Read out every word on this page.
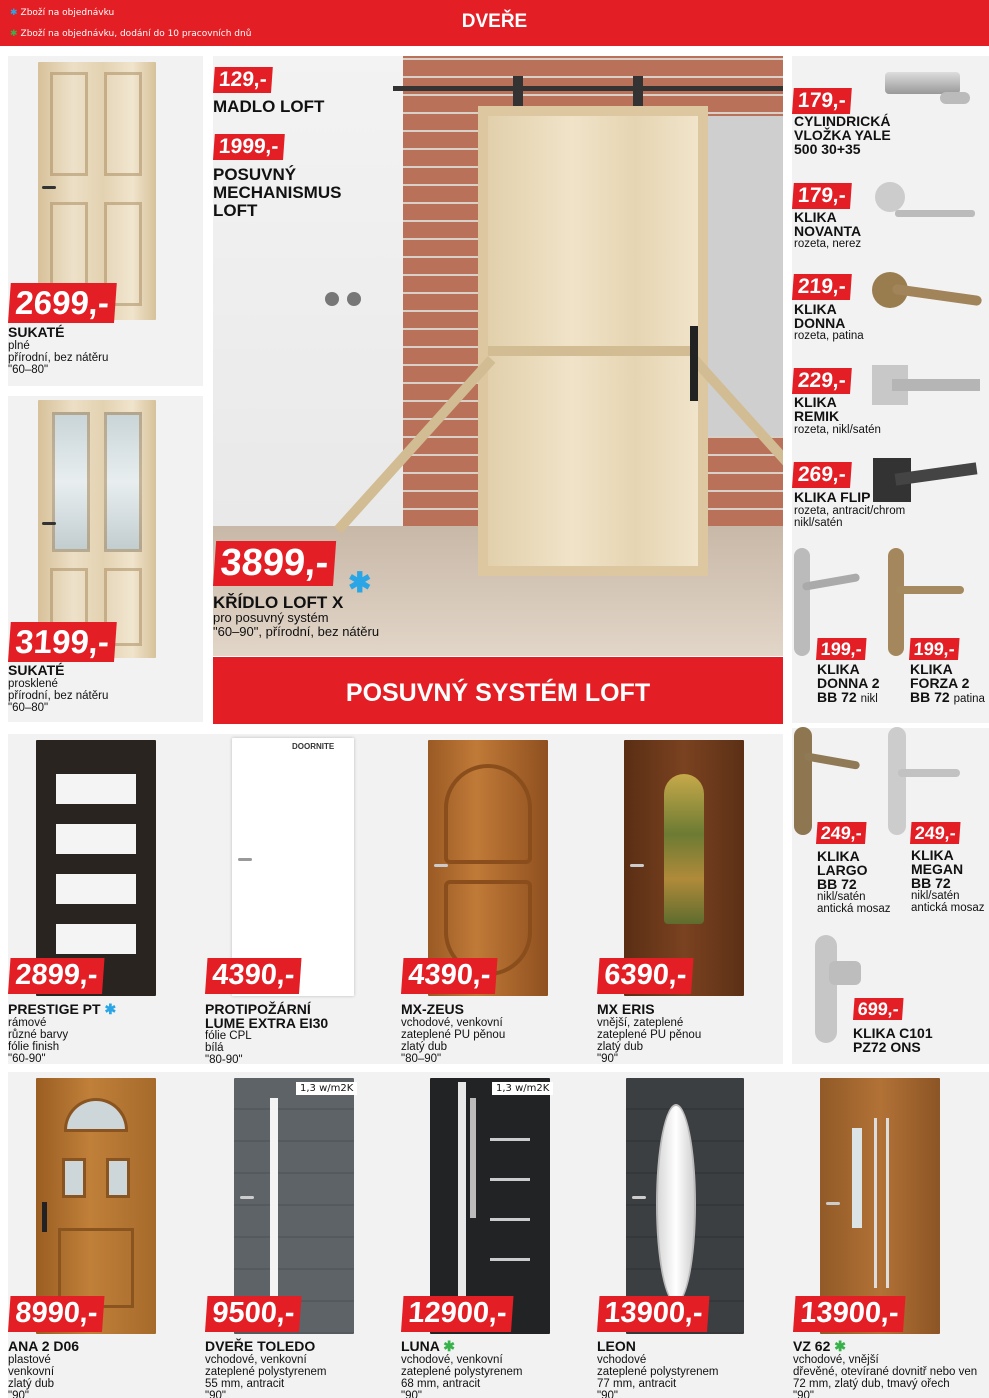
✱ Zboží na objednávku
✱ Zboží na objednávku, dodání do 10 pracovních dnů
DVEŘE
2699,-
SUKATÉ
plné
přírodní, bez nátěru
"60–80"
3199,-
SUKATÉ
prosklené
přírodní, bez nátěru
"60–80"
129,-
MADLO LOFT
1999,-
POSUVNÝ
MECHANISMUS
LOFT
3899,- ✱
KŘÍDLO LOFT X
pro posuvný systém
"60–90", přírodní, bez nátěru
POSUVNÝ SYSTÉM LOFT
179,-
CYLINDRICKÁ
VLOŽKA YALE
500 30+35
179,-
KLIKA
NOVANTA
rozeta, nerez
219,-
KLIKA
DONNA
rozeta, patina
229,-
KLIKA
REMIK
rozeta, nikl/satén
269,-
KLIKA FLIP
rozeta, antracit/chrom
nikl/satén
199,-
KLIKA
DONNA 2
BB 72 nikl
199,-
KLIKA
FORZA 2
BB 72 patina
249,-
KLIKA
LARGO
BB 72
nikl/satén
antická mosaz
249,-
KLIKA
MEGAN
BB 72
nikl/satén
antická mosaz
699,-
KLIKA C101
PZ72 ONS
2899,-
PRESTIGE PT ✱
rámové
různé barvy
fólie finish
"60-90"
DOORNITE
4390,-
PROTIPOŽÁRNÍ
LUME EXTRA EI30
fólie CPL
bílá
"80-90"
4390,-
MX-ZEUS
vchodové, venkovní
zateplené PU pěnou
zlatý dub
"80–90"
6390,-
MX ERIS
vnější, zateplené
zateplené PU pěnou
zlatý dub
"90"
8990,-
ANA 2 D06
plastové
venkovní
zlatý dub
"90"
1,3 w/m2K
9500,-
DVEŘE TOLEDO
vchodové, venkovní
zateplené polystyrenem
55 mm, antracit
"90"
1,3 w/m2K
12900,-
LUNA ✱
vchodové, venkovní
zateplené polystyrenem
68 mm, antracit
"90"
13900,-
LEON
vchodové
zateplené polystyrenem
77 mm, antracit
"90"
13900,-
VZ 62 ✱
vchodové, vnější
dřevěné, otevírané dovnitř nebo ven
72 mm, zlatý dub, tmavý ořech
"90"
